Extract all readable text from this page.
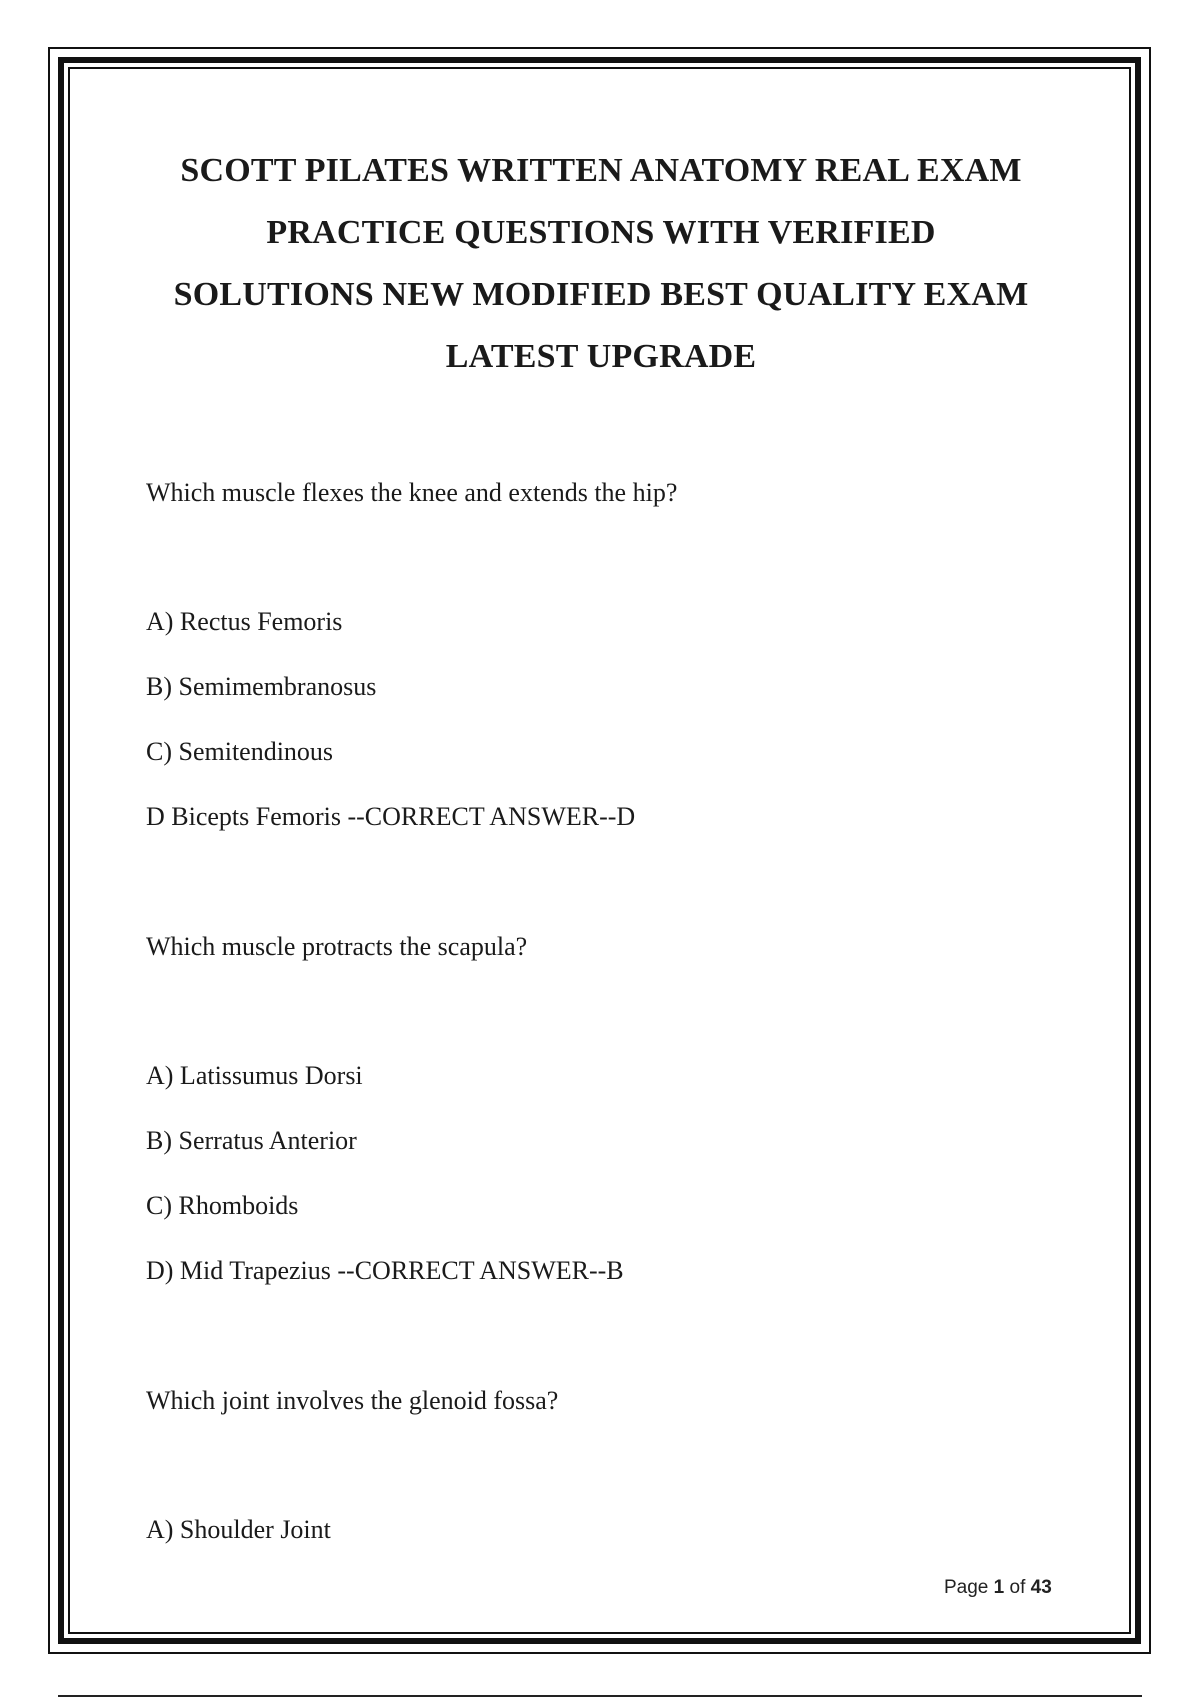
SCOTT PILATES WRITTEN ANATOMY REAL EXAM
PRACTICE QUESTIONS WITH VERIFIED
SOLUTIONS NEW MODIFIED BEST QUALITY EXAM
LATEST UPGRADE
Which muscle flexes the knee and extends the hip?
A) Rectus Femoris
B) Semimembranosus
C) Semitendinous
D Bicepts Femoris --CORRECT ANSWER--D
Which muscle protracts the scapula?
A) Latissumus Dorsi
B) Serratus Anterior
C) Rhomboids
D) Mid Trapezius --CORRECT ANSWER--B
Which joint involves the glenoid fossa?
A) Shoulder Joint
Page 1 of 43
